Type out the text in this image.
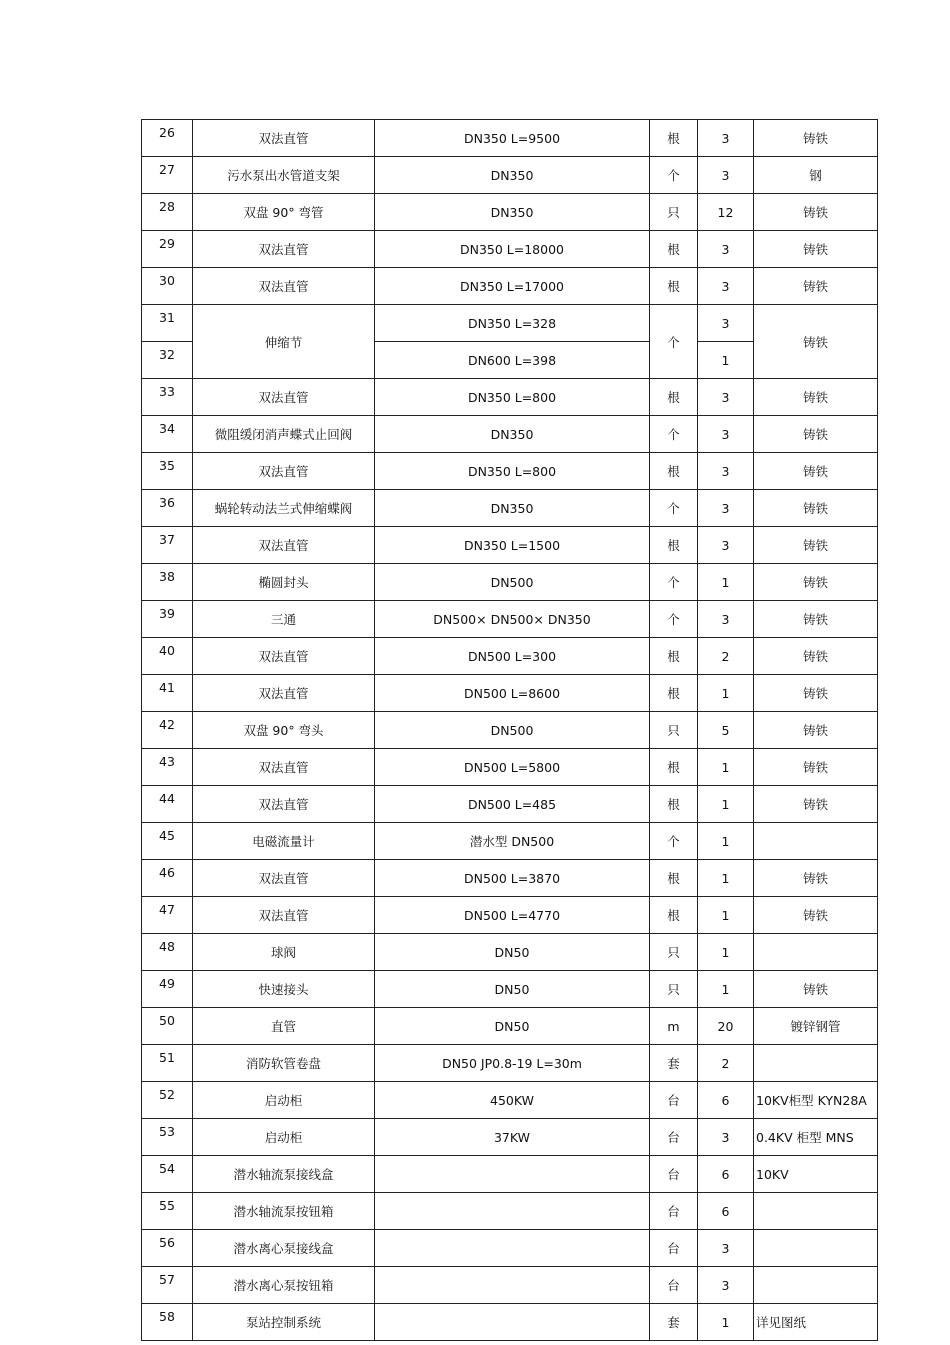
26	双法直管	DN350 L=9500	根	3	铸铁
27	污水泵出水管道支架	DN350	个	3	钢
28	双盘 90° 弯管	DN350	只	12	铸铁
29	双法直管	DN350 L=18000	根	3	铸铁
30	双法直管	DN350 L=17000	根	3	铸铁
31	伸缩节	DN350 L=328	个	3	铸铁
32		DN600 L=398		1	
33	双法直管	DN350 L=800	根	3	铸铁
34	微阻缓闭消声蝶式止回阀	DN350	个	3	铸铁
35	双法直管	DN350 L=800	根	3	铸铁
36	蜗轮转动法兰式伸缩蝶阀	DN350	个	3	铸铁
37	双法直管	DN350 L=1500	根	3	铸铁
38	椭圆封头	DN500	个	1	铸铁
39	三通	DN500× DN500× DN350	个	3	铸铁
40	双法直管	DN500 L=300	根	2	铸铁
41	双法直管	DN500 L=8600	根	1	铸铁
42	双盘 90° 弯头	DN500	只	5	铸铁
43	双法直管	DN500 L=5800	根	1	铸铁
44	双法直管	DN500 L=485	根	1	铸铁
45	电磁流量计	潜水型 DN500	个	1	
46	双法直管	DN500 L=3870	根	1	铸铁
47	双法直管	DN500 L=4770	根	1	铸铁
48	球阀	DN50	只	1	
49	快速接头	DN50	只	1	铸铁
50	直管	DN50	m	20	镀锌钢管
51	消防软管卷盘	DN50 JP0.8-19 L=30m	套	2	
52	启动柜	450KW	台	6	10KV柜型 KYN28A
53	启动柜	37KW	台	3	0.4KV 柜型 MNS
54	潜水轴流泵接线盒		台	6	10KV
55	潜水轴流泵按钮箱		台	6	
56	潜水离心泵接线盒		台	3	
57	潜水离心泵按钮箱		台	3	
58	泵站控制系统		套	1	详见图纸
